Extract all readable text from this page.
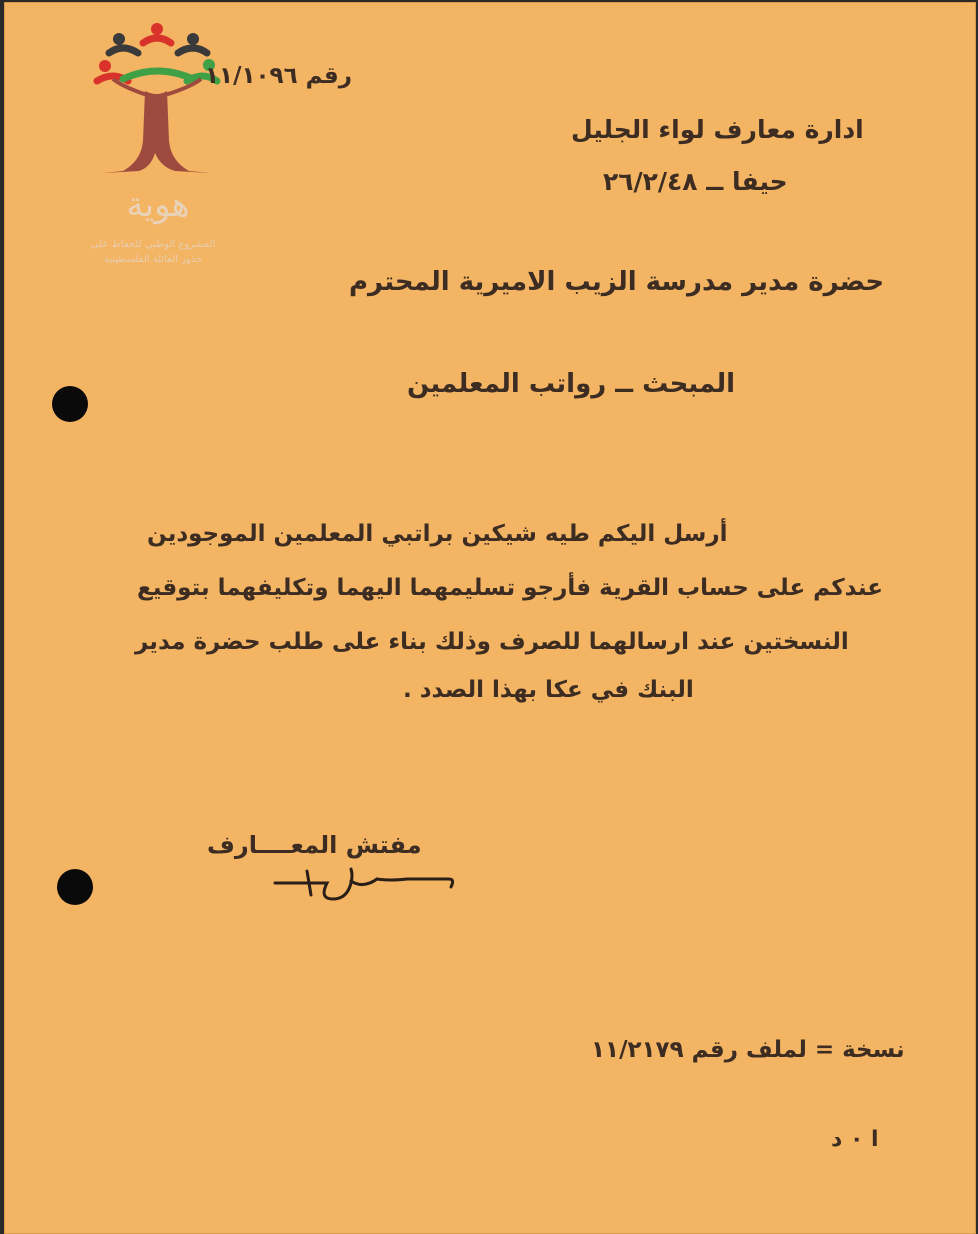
هوية
المشروع الوطني للحفاظ على
جذور العائلة الفلسطينية
رقم ١١/١٠٩٦
ادارة معارف لواء الجليل
حيفا ــ ٢٦/٢/٤٨
حضرة مدير مدرسة الزيب الاميرية المحترم
المبحث ــ رواتب المعلمين
أرسل اليكم طيه شيكين براتبي المعلمين الموجودين
عندكم على حساب القرية فأرجو تسليمهما اليهما وتكليفهما بتوقيع
النسختين عند ارسالهما للصرف وذلك بناء على طلب حضرة مدير
البنك في عكا بهذا الصدد .
مفتش المعــــارف
نسخة = لملف رقم ١١/٢١٧٩
ا ٠ د
